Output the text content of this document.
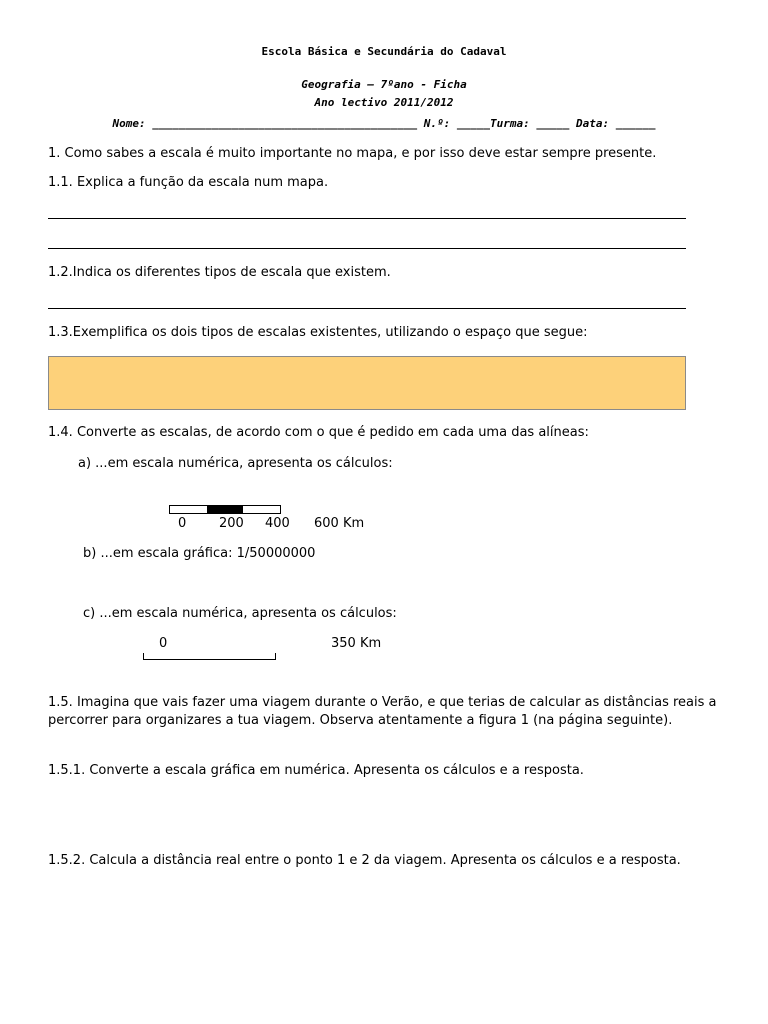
Escola Básica e Secundária do Cadaval
Geografia – 7ºano - Ficha
Ano lectivo 2011/2012
Nome: ________________________________________ N.º: _____Turma: _____ Data: ______
1. Como sabes a escala é muito importante no mapa, e por isso deve estar sempre presente.
1.1. Explica a função da escala num mapa.
1.2.Indica os diferentes tipos de escala que existem.
1.3.Exemplifica os dois tipos de escalas existentes, utilizando o espaço que segue:
1.4. Converte as escalas, de acordo com o que é pedido em cada uma das alíneas:
a) ...em escala numérica, apresenta os cálculos:
0	200 400 600 Km
b) ...em escala gráfica: 1/50000000
c) ...em escala numérica, apresenta os cálculos:
0	350 Km
1.5. Imagina que vais fazer uma viagem durante o Verão, e que terias de calcular as distâncias reais a percorrer para organizares a tua viagem. Observa atentamente a figura 1 (na página seguinte).
1.5.1. Converte a escala gráfica em numérica. Apresenta os cálculos e a resposta.
1.5.2. Calcula a distância real entre o ponto 1 e 2 da viagem. Apresenta os cálculos e a resposta.
